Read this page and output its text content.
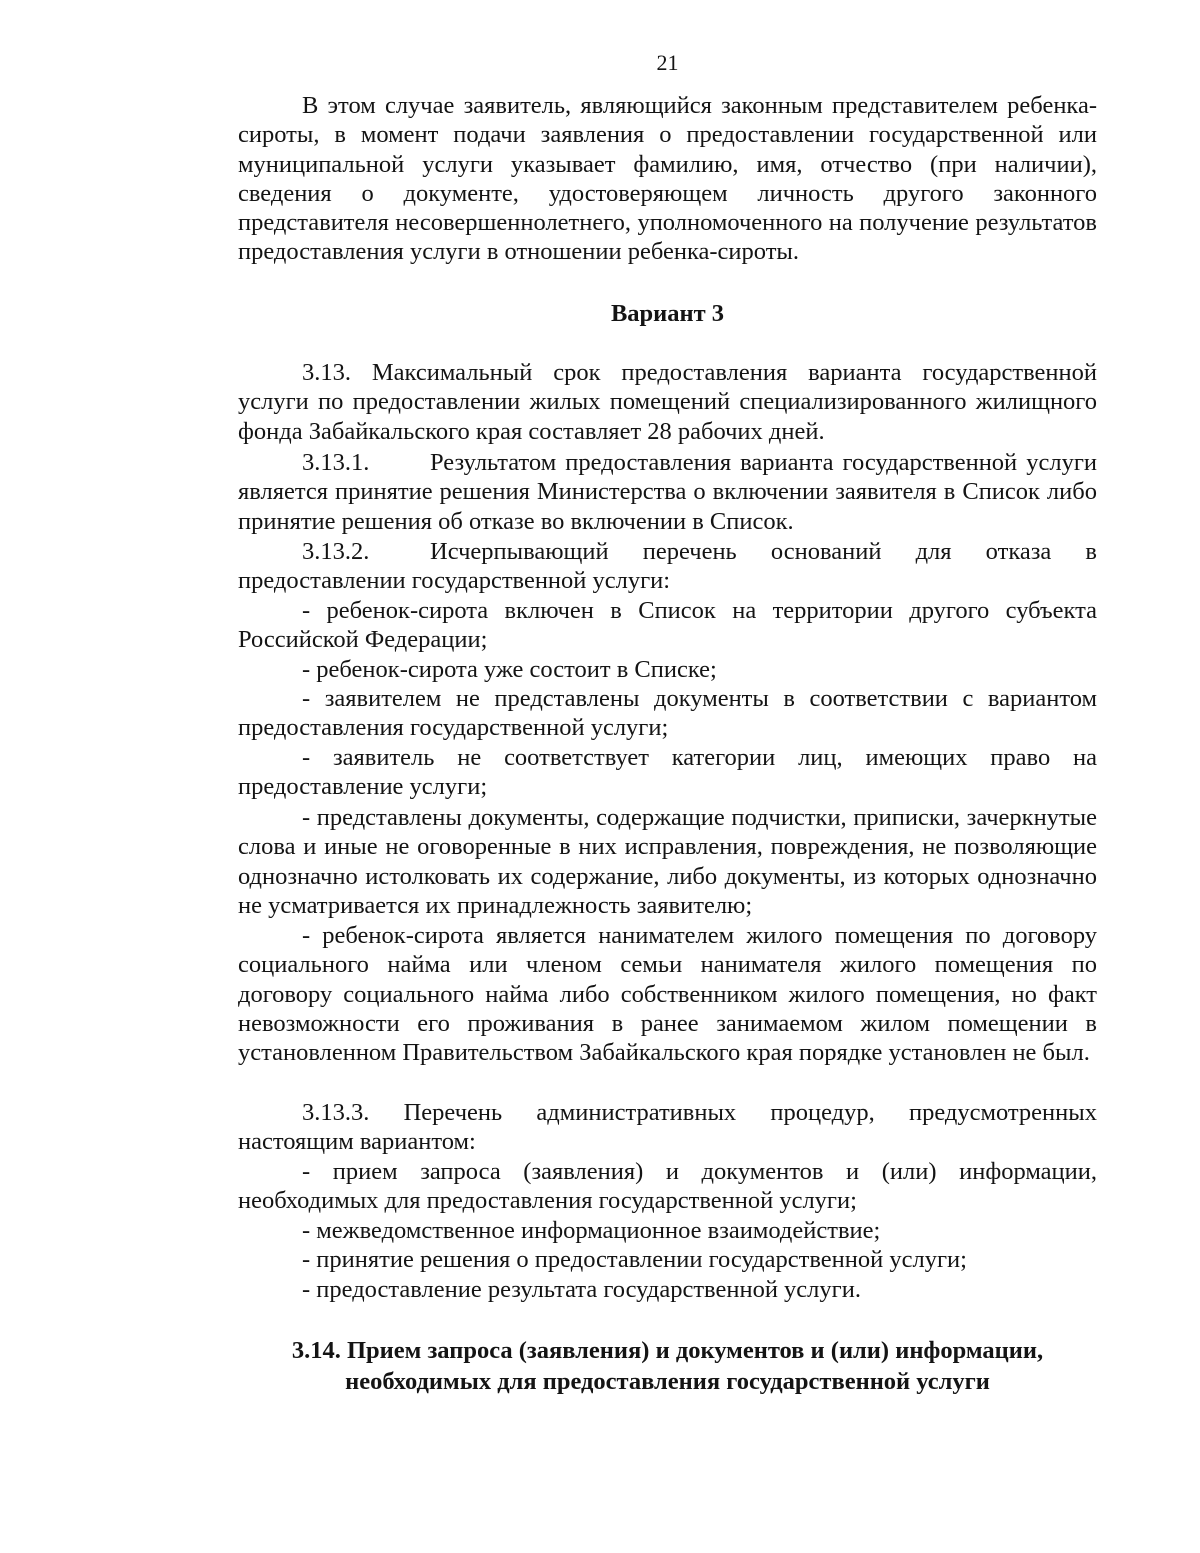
21

В этом случае заявитель, являющийся законным представителем ребенка-сироты, в момент подачи заявления о предоставлении государственной или муниципальной услуги указывает фамилию, имя, отчество (при наличии), сведения о документе, удостоверяющем личность другого законного представителя несовершеннолетнего, уполномоченного на получение результатов предоставления услуги в отношении ребенка-сироты.

Вариант 3

3.13. Максимальный срок предоставления варианта государственной услуги по предоставлении жилых помещений специализированного жилищного фонда Забайкальского края составляет 28 рабочих дней.

3.13.1. Результатом предоставления варианта государственной услуги является принятие решения Министерства о включении заявителя в Список либо принятие решения об отказе во включении в Список.

3.13.2. Исчерпывающий перечень оснований для отказа в предоставлении государственной услуги:

- ребенок-сирота включен в Список на территории другого субъекта Российской Федерации;

- ребенок-сирота уже состоит в Списке;

- заявителем не представлены документы в соответствии с вариантом предоставления государственной услуги;

- заявитель не соответствует категории лиц, имеющих право на предоставление услуги;

- представлены документы, содержащие подчистки, приписки, зачеркнутые слова и иные не оговоренные в них исправления, повреждения, не позволяющие однозначно истолковать их содержание, либо документы, из которых однозначно не усматривается их принадлежность заявителю;

- ребенок-сирота является нанимателем жилого помещения по договору социального найма или членом семьи нанимателя жилого помещения по договору социального найма либо собственником жилого помещения, но факт невозможности его проживания в ранее занимаемом жилом помещении в установленном Правительством Забайкальского края порядке установлен не был.

3.13.3. Перечень административных процедур, предусмотренных настоящим вариантом:

- прием запроса (заявления) и документов и (или) информации, необходимых для предоставления государственной услуги;

- межведомственное информационное взаимодействие;

- принятие решения о предоставлении государственной услуги;

- предоставление результата государственной услуги.

3.14. Прием запроса (заявления) и документов и (или) информации,
необходимых для предоставления государственной услуги
